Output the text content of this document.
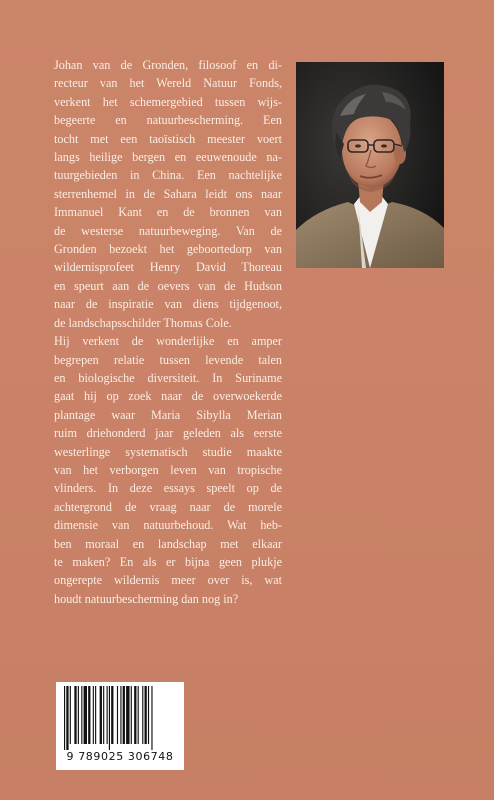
Johan van de Gronden, filosoof en di-
recteur van het Wereld Natuur Fonds,
verkent het schemergebied tussen wijs-
begeerte en natuurbescherming. Een
tocht met een taoïstisch meester voert
langs heilige bergen en eeuwenoude na-
tuurgebieden in China. Een nachtelijke
sterrenhemel in de Sahara leidt ons naar
Immanuel Kant en de bronnen van
de westerse natuurbeweging. Van de
Gronden bezoekt het geboortedorp van
wildernisprofeet Henry David Thoreau
en speurt aan de oevers van de Hudson
naar de inspiratie van diens tijdgenoot,
de landschapsschilder Thomas Cole.
Hij verkent de wonderlijke en amper
begrepen relatie tussen levende talen
en biologische diversiteit. In Suriname
gaat hij op zoek naar de overwoekerde
plantage waar Maria Sibylla Merian
ruim driehonderd jaar geleden als eerste
westerlinge systematisch studie maakte
van het verborgen leven van tropische
vlinders. In deze essays speelt op de
achtergrond de vraag naar de morele
dimensie van natuurbehoud. Wat heb-
ben moraal en landschap met elkaar
te maken? En als er bijna geen plukje
ongerepte wildernis meer over is, wat
houdt natuurbescherming dan nog in?
9 789025 306748
